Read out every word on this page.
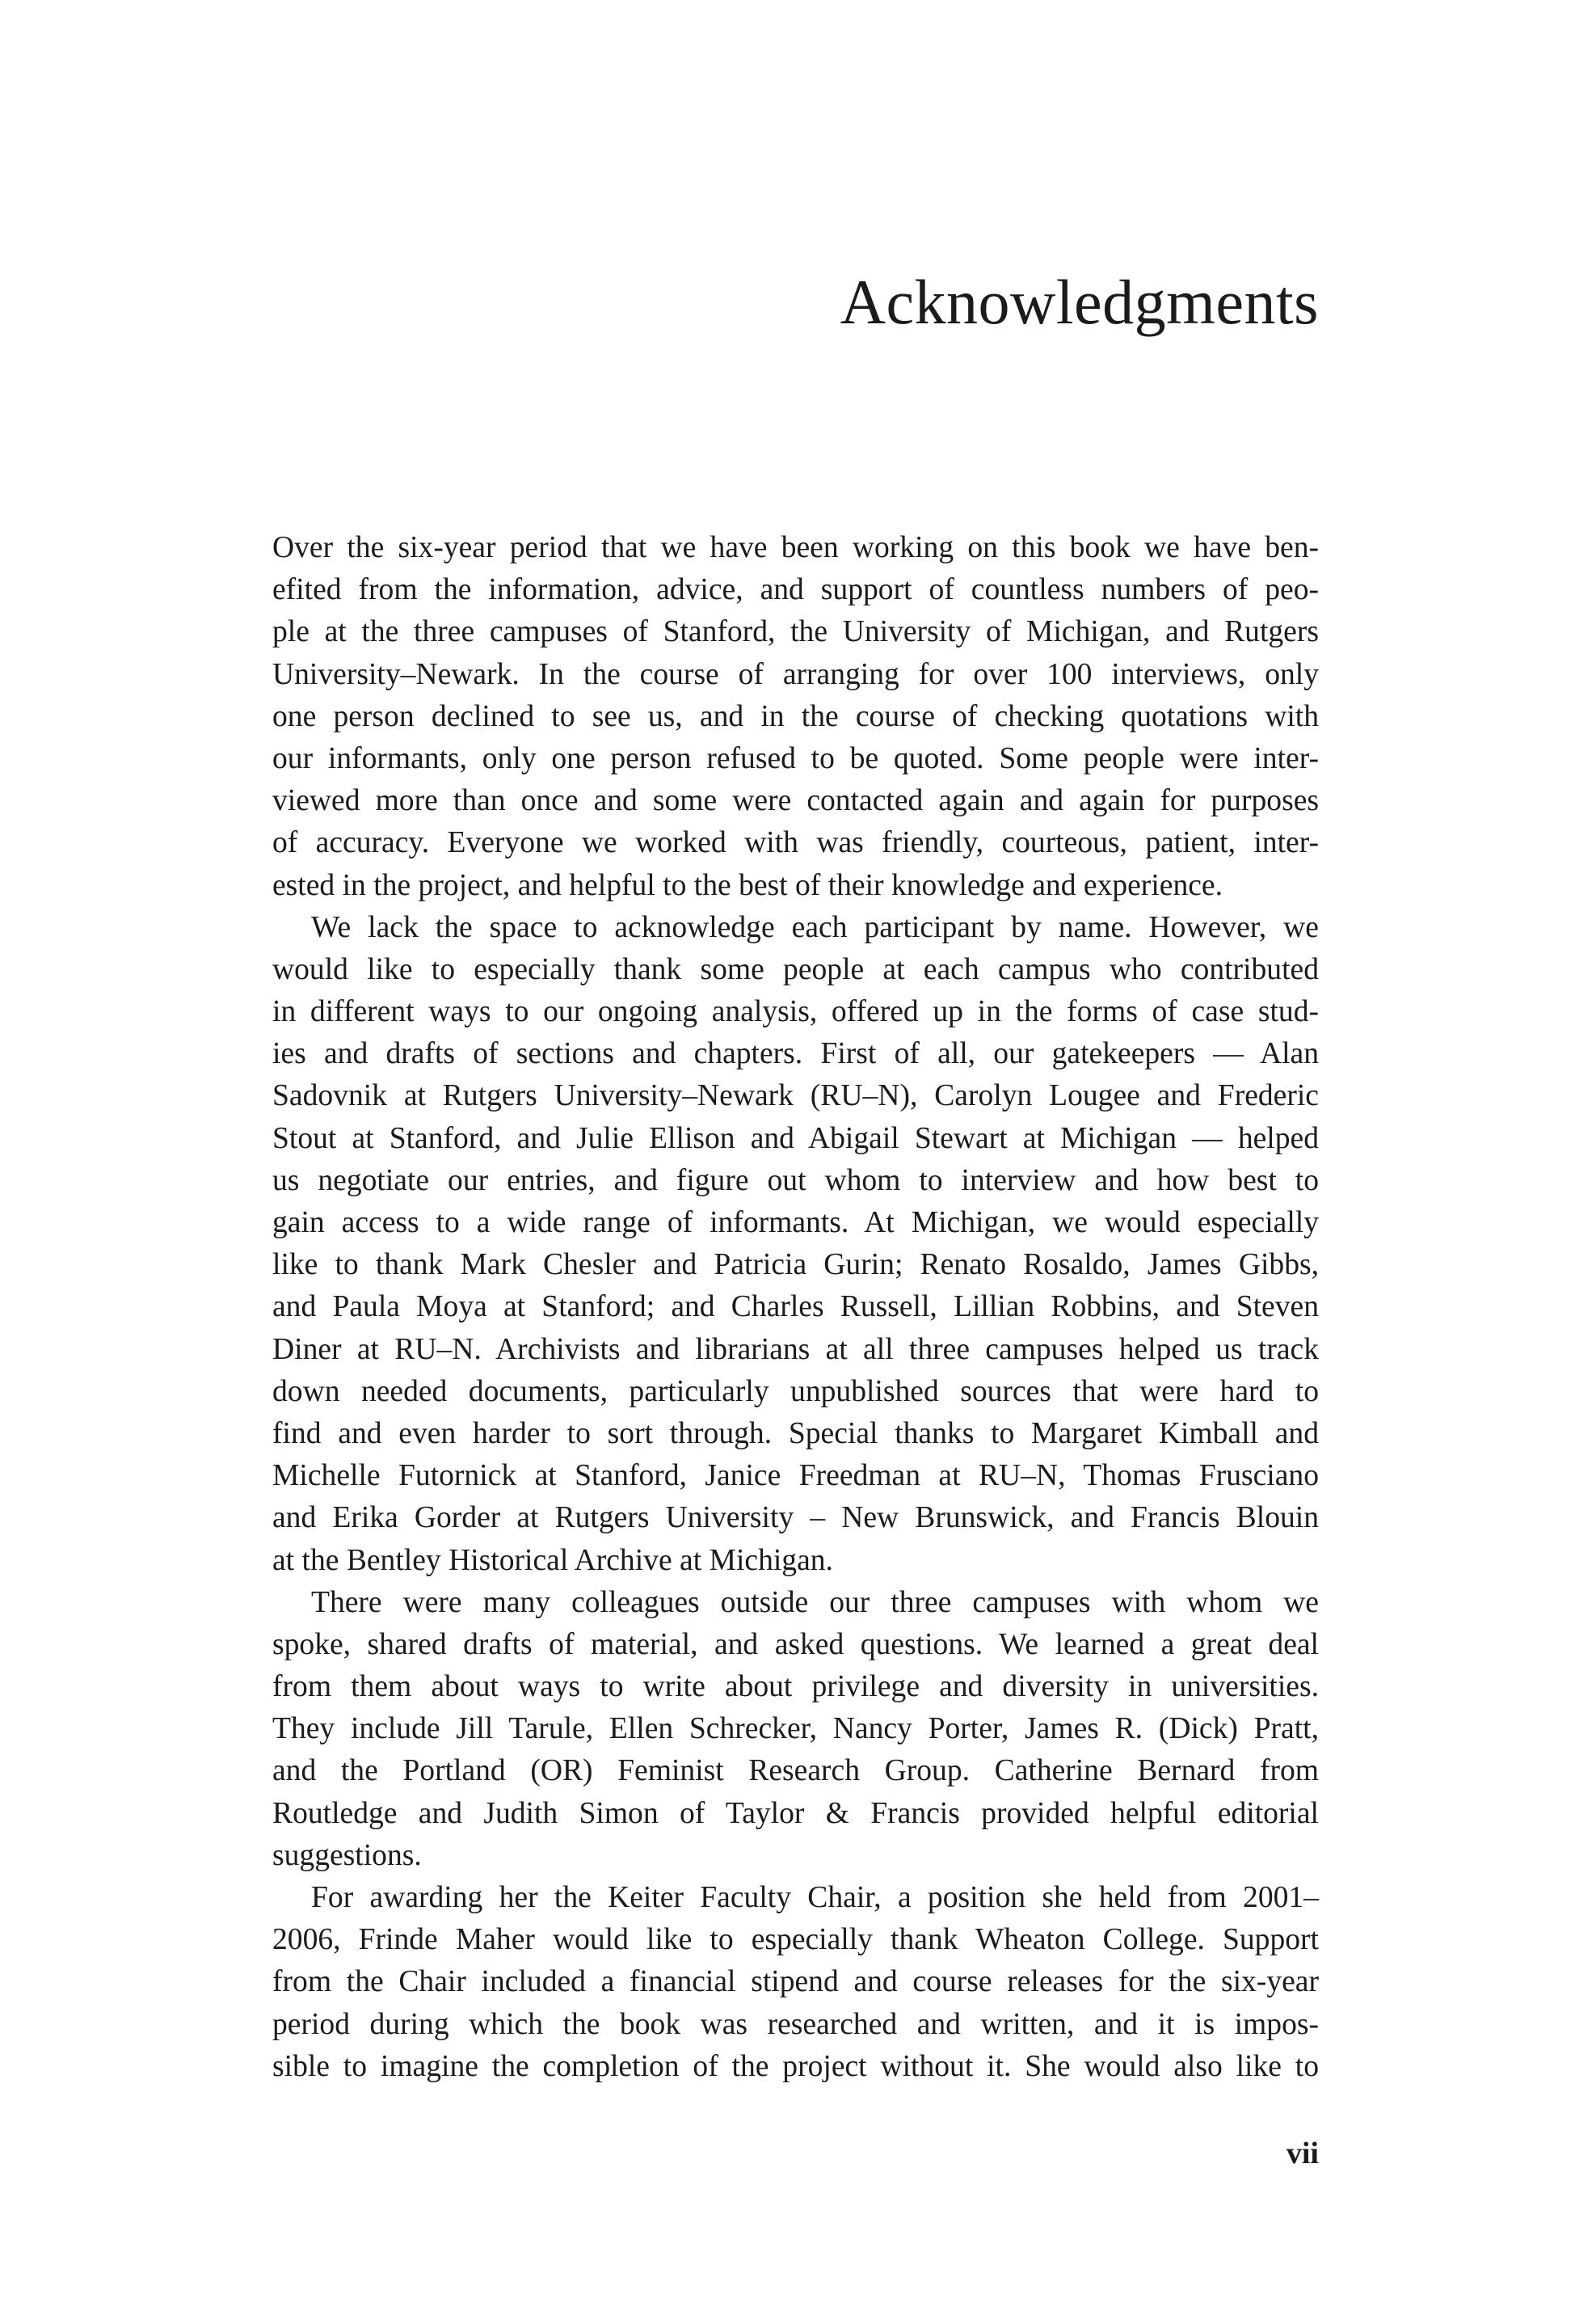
Acknowledgments

Over the six-year period that we have been working on this book we have ben-
efited from the information, advice, and support of countless numbers of peo-
ple at the three campuses of Stanford, the University of Michigan, and Rutgers
University–Newark. In the course of arranging for over 100 interviews, only
one person declined to see us, and in the course of checking quotations with
our informants, only one person refused to be quoted. Some people were inter-
viewed more than once and some were contacted again and again for purposes
of accuracy. Everyone we worked with was friendly, courteous, patient, inter-
ested in the project, and helpful to the best of their knowledge and experience.

We lack the space to acknowledge each participant by name. However, we
would like to especially thank some people at each campus who contributed
in different ways to our ongoing analysis, offered up in the forms of case stud-
ies and drafts of sections and chapters. First of all, our gatekeepers — Alan
Sadovnik at Rutgers University–Newark (RU–N), Carolyn Lougee and Frederic
Stout at Stanford, and Julie Ellison and Abigail Stewart at Michigan — helped
us negotiate our entries, and figure out whom to interview and how best to
gain access to a wide range of informants. At Michigan, we would especially
like to thank Mark Chesler and Patricia Gurin; Renato Rosaldo, James Gibbs,
and Paula Moya at Stanford; and Charles Russell, Lillian Robbins, and Steven
Diner at RU–N. Archivists and librarians at all three campuses helped us track
down needed documents, particularly unpublished sources that were hard to
find and even harder to sort through. Special thanks to Margaret Kimball and
Michelle Futornick at Stanford, Janice Freedman at RU–N, Thomas Frusciano
and Erika Gorder at Rutgers University – New Brunswick, and Francis Blouin
at the Bentley Historical Archive at Michigan.

There were many colleagues outside our three campuses with whom we
spoke, shared drafts of material, and asked questions. We learned a great deal
from them about ways to write about privilege and diversity in universities.
They include Jill Tarule, Ellen Schrecker, Nancy Porter, James R. (Dick) Pratt,
and the Portland (OR) Feminist Research Group. Catherine Bernard from
Routledge and Judith Simon of Taylor & Francis provided helpful editorial
suggestions.

For awarding her the Keiter Faculty Chair, a position she held from 2001–
2006, Frinde Maher would like to especially thank Wheaton College. Support
from the Chair included a financial stipend and course releases for the six-year
period during which the book was researched and written, and it is impos-
sible to imagine the completion of the project without it. She would also like to

vii
